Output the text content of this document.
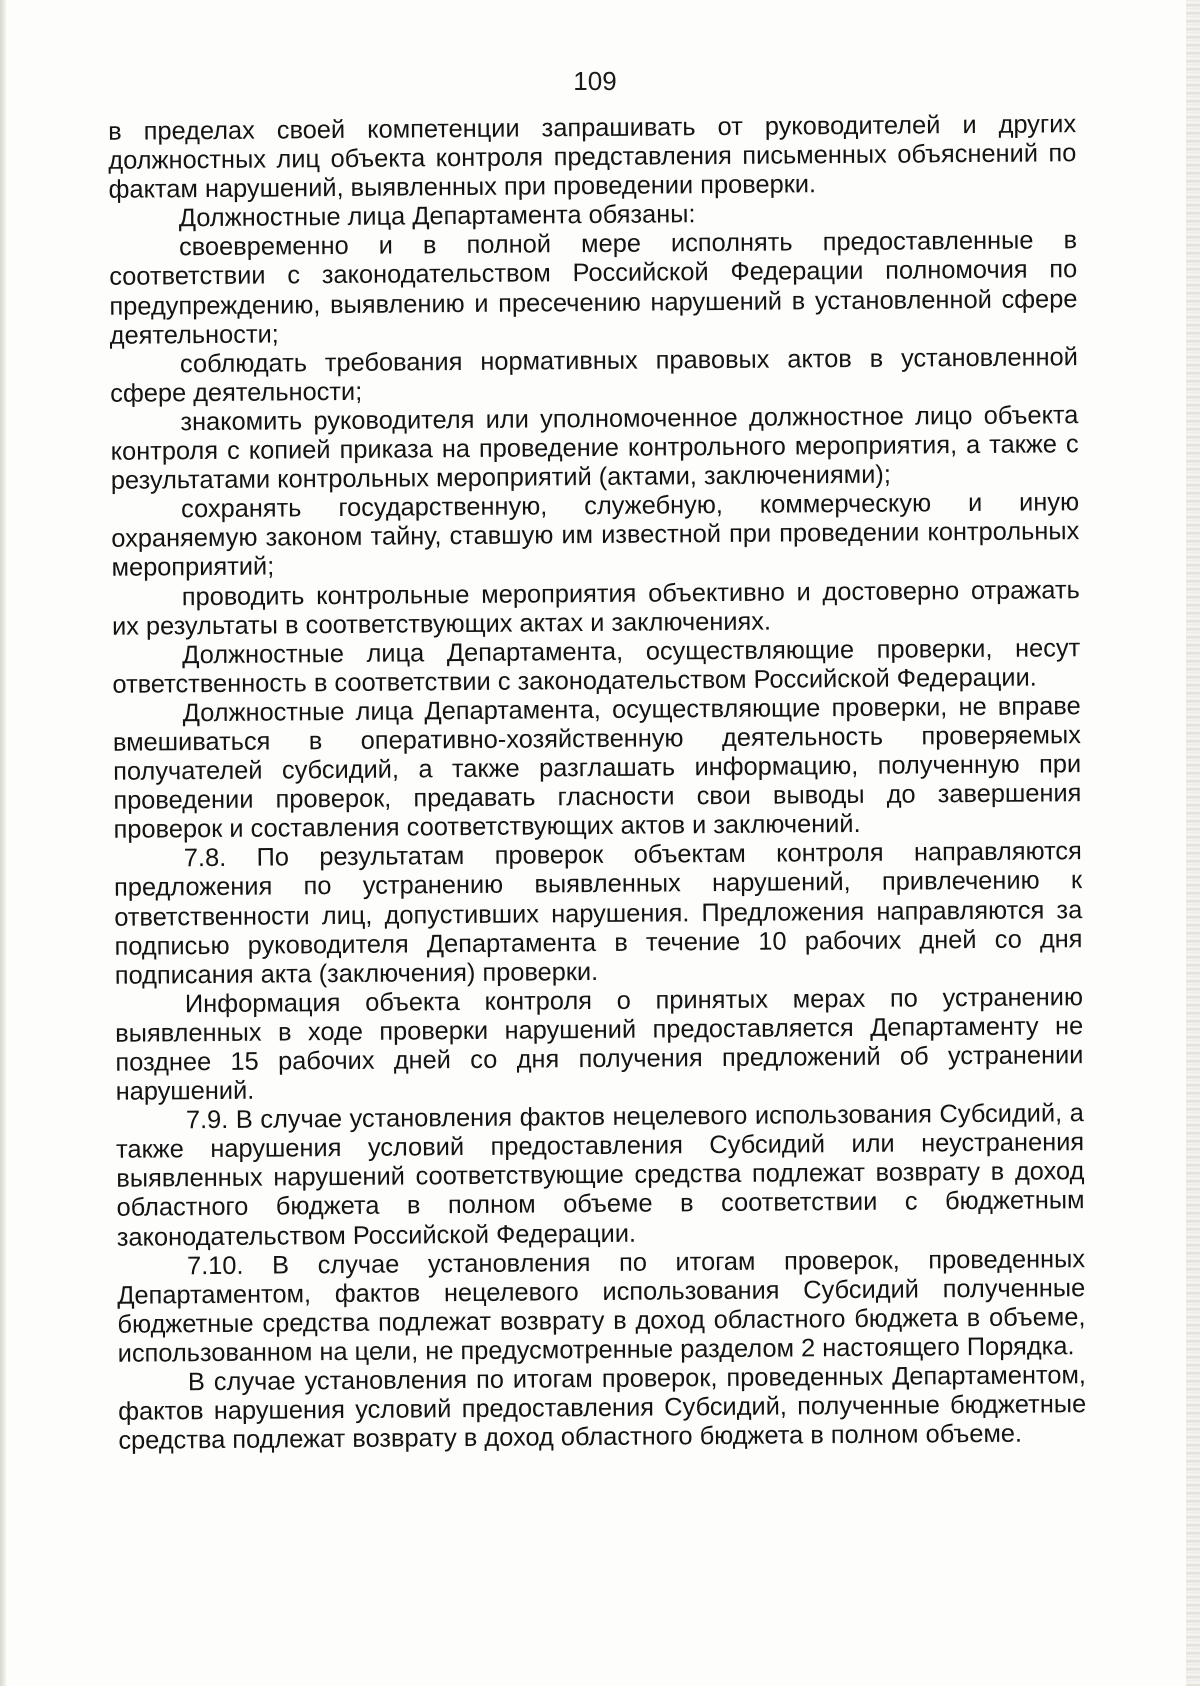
109

в пределах своей компетенции запрашивать от руководителей и других должностных лиц объекта контроля представления письменных объяснений по фактам нарушений, выявленных при проведении проверки.

Должностные лица Департамента обязаны:

своевременно и в полной мере исполнять предоставленные в соответствии с законодательством Российской Федерации полномочия по предупреждению, выявлению и пресечению нарушений в установленной сфере деятельности;

соблюдать требования нормативных правовых актов в установленной сфере деятельности;

знакомить руководителя или уполномоченное должностное лицо объекта контроля с копией приказа на проведение контрольного мероприятия, а также с результатами контрольных мероприятий (актами, заключениями);

сохранять государственную, служебную, коммерческую и иную охраняемую законом тайну, ставшую им известной при проведении контрольных мероприятий;

проводить контрольные мероприятия объективно и достоверно отражать их результаты в соответствующих актах и заключениях.

Должностные лица Департамента, осуществляющие проверки, несут ответственность в соответствии с законодательством Российской Федерации.

Должностные лица Департамента, осуществляющие проверки, не вправе вмешиваться в оперативно-хозяйственную деятельность проверяемых получателей субсидий, а также разглашать информацию, полученную при проведении проверок, предавать гласности свои выводы до завершения проверок и составления соответствующих актов и заключений.

7.8. По результатам проверок объектам контроля направляются предложения по устранению выявленных нарушений, привлечению к ответственности лиц, допустивших нарушения. Предложения направляются за подписью руководителя Департамента в течение 10 рабочих дней со дня подписания акта (заключения) проверки.

Информация объекта контроля о принятых мерах по устранению выявленных в ходе проверки нарушений предоставляется Департаменту не позднее 15 рабочих дней со дня получения предложений об устранении нарушений.

7.9. В случае установления фактов нецелевого использования Субсидий, а также нарушения условий предоставления Субсидий или неустранения выявленных нарушений соответствующие средства подлежат возврату в доход областного бюджета в полном объеме в соответствии с бюджетным законодательством Российской Федерации.

7.10. В случае установления по итогам проверок, проведенных Департаментом, фактов нецелевого использования Субсидий полученные бюджетные средства подлежат возврату в доход областного бюджета в объеме, использованном на цели, не предусмотренные разделом 2 настоящего Порядка.

В случае установления по итогам проверок, проведенных Департаментом, фактов нарушения условий предоставления Субсидий, полученные бюджетные средства подлежат возврату в доход областного бюджета в полном объеме.
